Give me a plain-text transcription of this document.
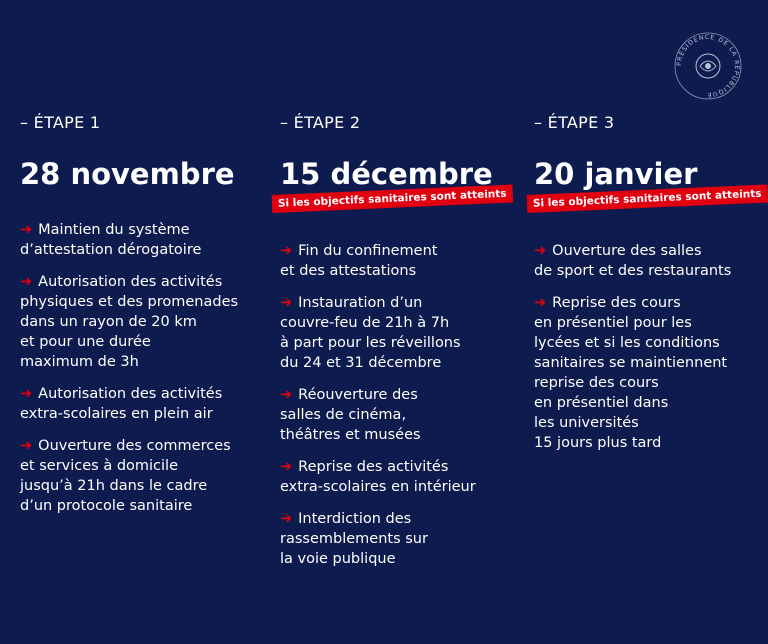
PRÉSIDENCE DE LA RÉPUBLIQUE
– ÉTAPE 1
28 novembre
➜ Maintien du système
d’attestation dérogatoire
➜ Autorisation des activités
physiques et des promenades
dans un rayon de 20 km
et pour une durée
maximum de 3h
➜ Autorisation des activités
extra-scolaires en plein air
➜ Ouverture des commerces
et services à domicile
jusqu’à 21h dans le cadre
d’un protocole sanitaire
– ÉTAPE 2
15 décembre
Si les objectifs sanitaires sont atteints
➜ Fin du confinement
et des attestations
➜ Instauration d’un
couvre-feu de 21h à 7h
à part pour les réveillons
du 24 et 31 décembre
➜ Réouverture des
salles de cinéma,
théâtres et musées
➜ Reprise des activités
extra-scolaires en intérieur
➜ Interdiction des
rassemblements sur
la voie publique
– ÉTAPE 3
20 janvier
Si les objectifs sanitaires sont atteints
➜ Ouverture des salles
de sport et des restaurants
➜ Reprise des cours
en présentiel pour les
lycées et si les conditions
sanitaires se maintiennent
reprise des cours
en présentiel dans
les universités
15 jours plus tard
